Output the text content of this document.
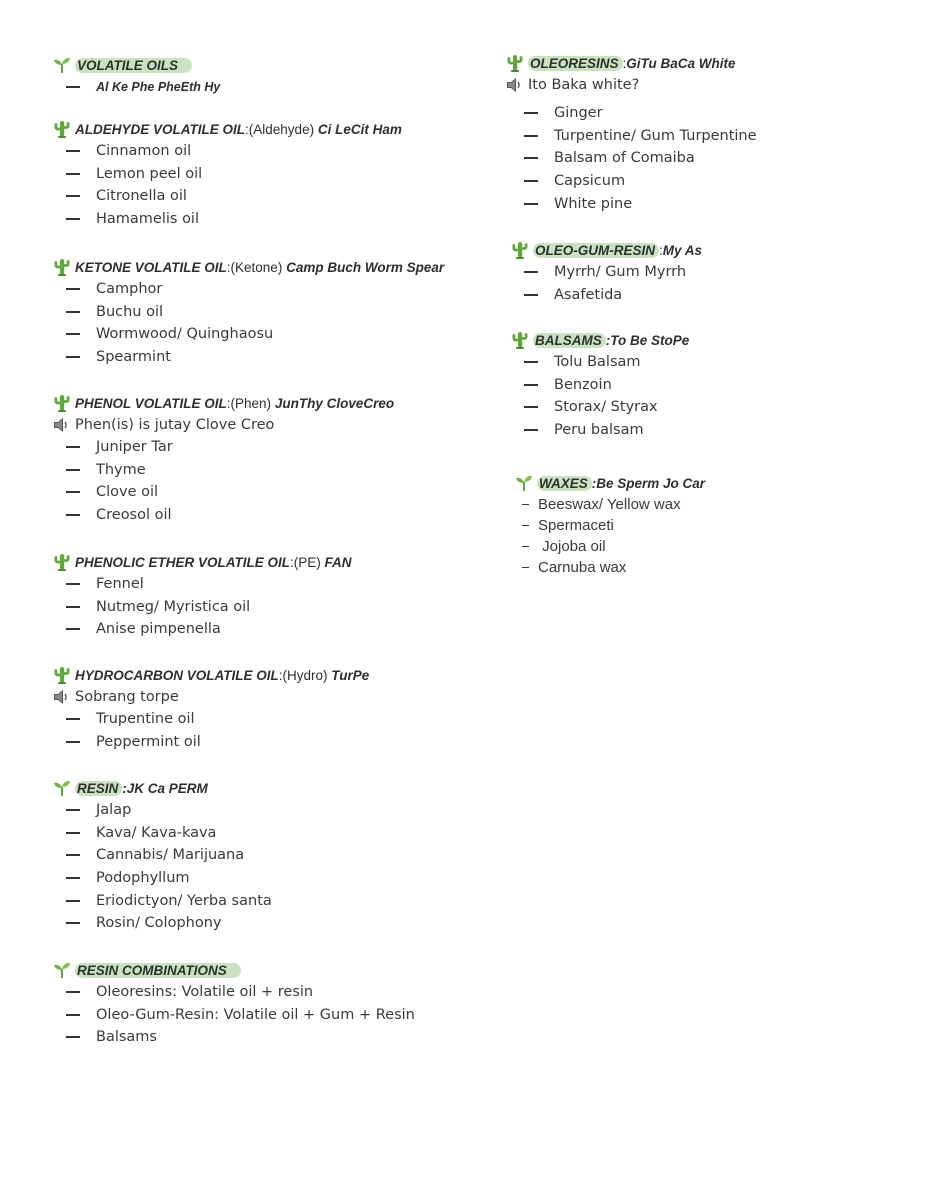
VOLATILE OILS
Al Ke Phe PheEth Hy
ALDEHYDE VOLATILE OIL : (Aldehyde)
Ci LeCit Ham
Cinnamon oil
Lemon peel oil
Citronella oil
Hamamelis oil
KETONE VOLATILE OIL : (Ketone)
Camp Buch Worm Spear
Camphor
Buchu oil
Wormwood/ Quinghaosu
Spearmint
PHENOL VOLATILE OIL : (Phen)
JunThy CloveCreo
Phen(is) is jutay Clove Creo
Juniper Tar
Thyme
Clove oil
Creosol oil
PHENOLIC ETHER VOLATILE OIL : (PE)
FAN
Fennel
Nutmeg/ Myristica oil
Anise pimpenella
HYDROCARBON VOLATILE OIL : (Hydro)
TurPe
Sobrang torpe
Trupentine oil
Peppermint oil
RESIN : JK Ca PERM
Jalap
Kava/ Kava-kava
Cannabis/ Marijuana
Podophyllum
Eriodictyon/ Yerba santa
Rosin/ Colophony
RESIN COMBINATIONS
Oleoresins: Volatile oil + resin
Oleo-Gum-Resin: Volatile oil + Gum + Resin
Balsams
OLEORESINS : GiTu BaCa White
Ito Baka white?
Ginger
Turpentine/ Gum Turpentine
Balsam of Comaiba
Capsicum
White pine
OLEO-GUM-RESIN : My As
Myrrh/ Gum Myrrh
Asafetida
BALSAMS : To Be StoPe
Tolu Balsam
Benzoin
Storax/ Styrax
Peru balsam
WAXES : Be Sperm Jo Car
Beeswax/ Yellow wax
Spermaceti
Jojoba oil
Carnuba wax
